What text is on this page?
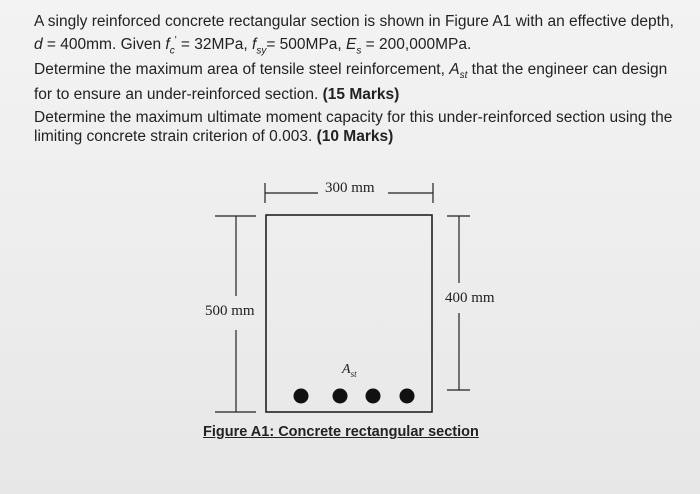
A singly reinforced concrete rectangular section is shown in Figure A1 with an effective depth, d = 400mm. Given $f_c' = 32MPa$, $f_{sy}= 500MPa$, $E_s = 200,000MPa$.

Determine the maximum area of tensile steel reinforcement, $A_{st}$ that the engineer can design for to ensure an under-reinforced section. (15 Marks)

Determine the maximum ultimate moment capacity for this under-reinforced section using the limiting concrete strain criterion of 0.003. (10 Marks)

300 mm
500 mm
400 mm
$A_{st}$
Figure A1: Concrete rectangular section
